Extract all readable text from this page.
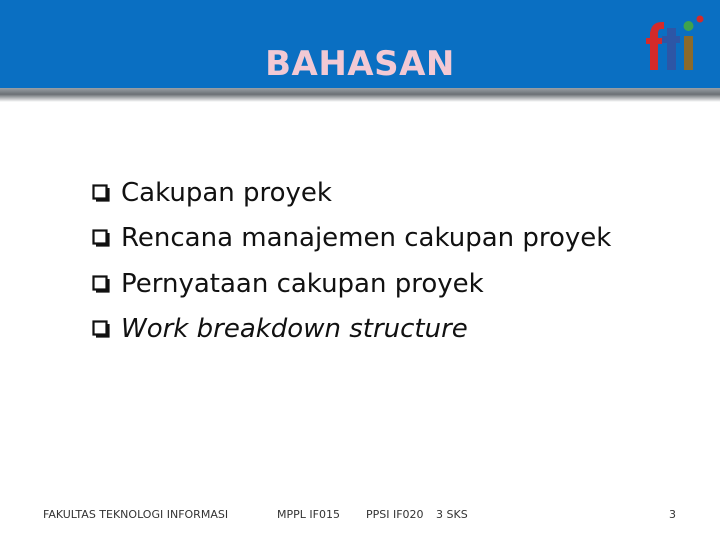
BAHASAN
Cakupan proyek
Rencana manajemen cakupan proyek
Pernyataan cakupan proyek
Work breakdown structure
FAKULTAS TEKNOLOGI INFORMASI	MPPL IF015 PPSI IF020 3 SKS	3
